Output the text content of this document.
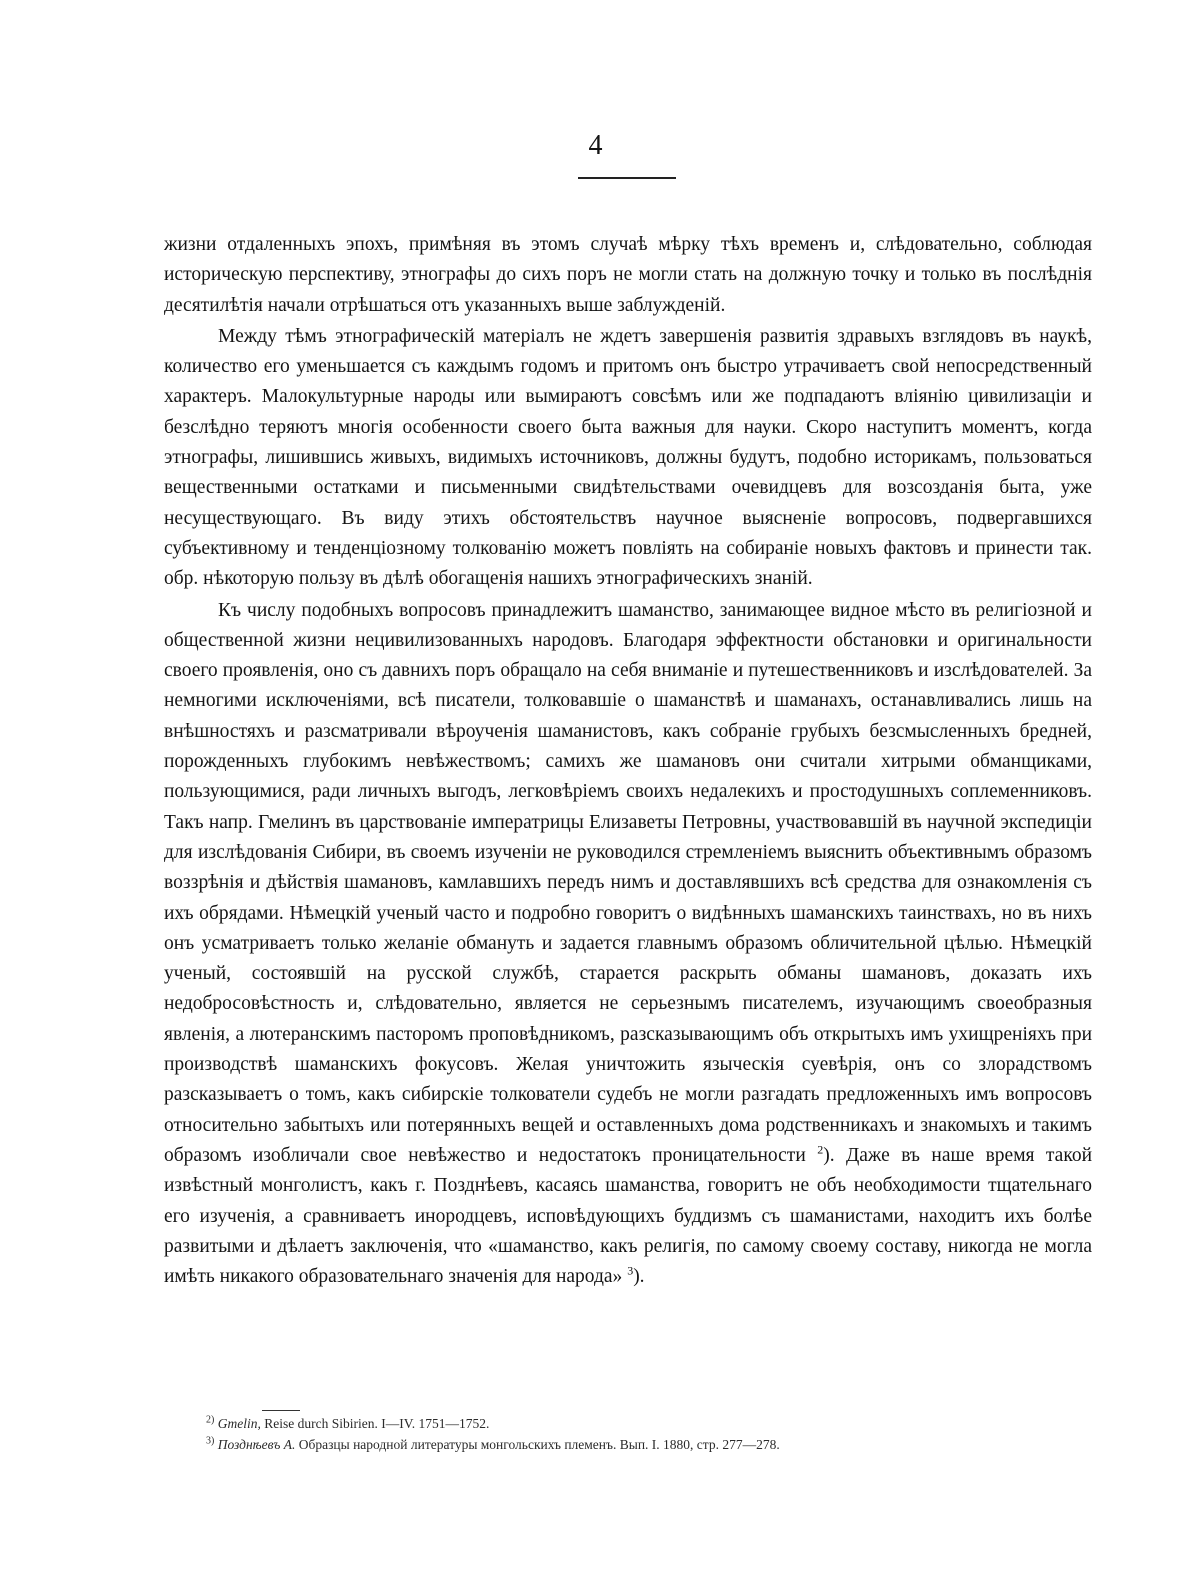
4

жизни отдаленныхъ эпохъ, примѣняя въ этомъ случаѣ мѣрку тѣхъ временъ и, слѣдовательно, соблюдая историческую перспективу, этнографы до сихъ поръ не могли стать на должную точку и только въ послѣднія десятилѣтія начали отрѣшаться отъ указанныхъ выше заблужденій.

Между тѣмъ этнографическій матеріалъ не ждетъ завершенія развитія здравыхъ взглядовъ въ наукѣ, количество его уменьшается съ каждымъ годомъ и притомъ онъ быстро утрачиваетъ свой непосредственный характеръ. Малокультурные народы или вымираютъ совсѣмъ или же подпадаютъ вліянію цивилизаціи и безслѣдно теряютъ многія особенности своего быта важныя для науки. Скоро наступитъ моментъ, когда этнографы, лишившись живыхъ, видимыхъ источниковъ, должны будутъ, подобно историкамъ, пользоваться вещественными остатками и письменными свидѣтельствами очевидцевъ для возсозданія быта, уже несуществующаго. Въ виду этихъ обстоятельствъ научное выясненіе вопросовъ, подвергавшихся субъективному и тенденціозному толкованію можетъ повліять на собираніе новыхъ фактовъ и принести так. обр. нѣкоторую пользу въ дѣлѣ обогащенія нашихъ этнографическихъ знаній.

Къ числу подобныхъ вопросовъ принадлежитъ шаманство, занимающее видное мѣсто въ религіозной и общественной жизни нецивилизованныхъ народовъ. Благодаря эффектности обстановки и оригинальности своего проявленія, оно съ давнихъ поръ обращало на себя вниманіе и путешественниковъ и изслѣдователей. За немногими исключеніями, всѣ писатели, толковавшіе о шаманствѣ и шаманахъ, останавливались лишь на внѣшностяхъ и разсматривали вѣроученія шаманистовъ, какъ собраніе грубыхъ безсмысленныхъ бредней, порожденныхъ глубокимъ невѣжествомъ; самихъ же шамановъ они считали хитрыми обманщиками, пользующимися, ради личныхъ выгодъ, легковѣріемъ своихъ недалекихъ и простодушныхъ соплеменниковъ. Такъ напр. Гмелинъ въ царствованіе императрицы Елизаветы Петровны, участвовавшій въ научной экспедиціи для изслѣдованія Сибири, въ своемъ изученіи не руководился стремленіемъ выяснить объективнымъ образомъ воззрѣнія и дѣйствія шамановъ, камлавшихъ передъ нимъ и доставлявшихъ всѣ средства для ознакомленія съ ихъ обрядами. Нѣмецкій ученый часто и подробно говоритъ о видѣнныхъ шаманскихъ таинствахъ, но въ нихъ онъ усматриваетъ только желаніе обмануть и задается главнымъ образомъ обличительной цѣлью. Нѣмецкій ученый, состоявшій на русской службѣ, старается раскрыть обманы шамановъ, доказать ихъ недобросовѣстность и, слѣдовательно, является не серьезнымъ писателемъ, изучающимъ своеобразныя явленія, а лютеранскимъ пасторомъ проповѣдникомъ, разсказывающимъ объ открытыхъ имъ ухищреніяхъ при производствѣ шаманскихъ фокусовъ. Желая уничтожить языческія суевѣрія, онъ со злорадствомъ разсказываетъ о томъ, какъ сибирскіе толкователи судебъ не могли разгадать предложенныхъ имъ вопросовъ относительно забытыхъ или потерянныхъ вещей и оставленныхъ дома родственникахъ и знакомыхъ и такимъ образомъ изобличали свое невѣжество и недостатокъ проницательности $^2$). Даже въ наше время такой извѣстный монголистъ, какъ г. Позднѣевъ, касаясь шаманства, говоритъ не объ необходимости тщательнаго его изученія, а сравниваетъ инородцевъ, исповѣдующихъ буддизмъ съ шаманистами, находитъ ихъ болѣе развитыми и дѣлаетъ заключенія, что «шаманство, какъ религія, по самому своему составу, никогда не могла имѣть никакого образовательнаго значенія для народа» $^3$).

$^{2)}$ Gmelin, Reise durch Sibirien. I—IV. 1751—1752.
$^{3)}$ Позднѣевъ А. Образцы народной литературы монгольскихъ племенъ. Вып. I. 1880, стр. 277—278.
